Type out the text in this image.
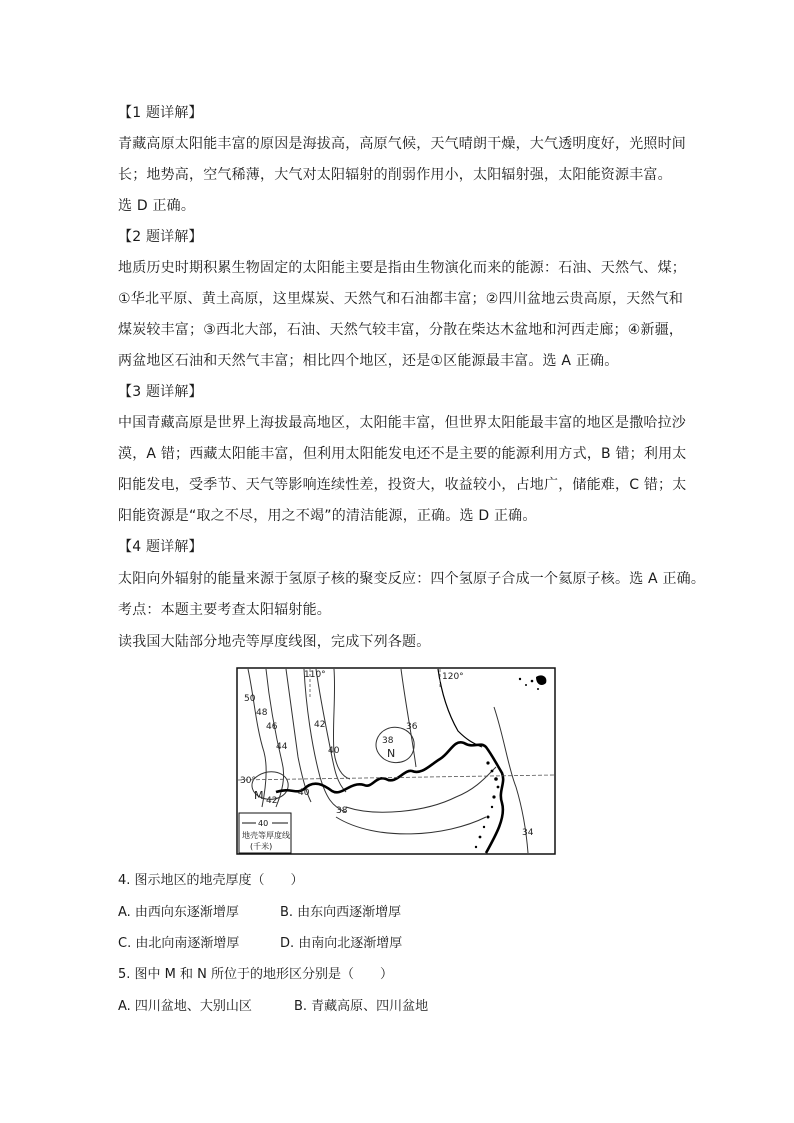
【1 题详解】
青藏高原太阳能丰富的原因是海拔高，高原气候，天气晴朗干燥，大气透明度好，光照时间
长；地势高，空气稀薄，大气对太阳辐射的削弱作用小，太阳辐射强，太阳能资源丰富。
选 D 正确。
【2 题详解】
地质历史时期积累生物固定的太阳能主要是指由生物演化而来的能源：石油、天然气、煤；
①华北平原、黄土高原，这里煤炭、天然气和石油都丰富；②四川盆地云贵高原，天然气和
煤炭较丰富；③西北大部，石油、天然气较丰富，分散在柴达木盆地和河西走廊；④新疆，
两盆地区石油和天然气丰富；相比四个地区，还是①区能源最丰富。选 A 正确。
【3 题详解】
中国青藏高原是世界上海拔最高地区，太阳能丰富，但世界太阳能最丰富的地区是撒哈拉沙
漠，A 错；西藏太阳能丰富，但利用太阳能发电还不是主要的能源利用方式，B 错；利用太
阳能发电，受季节、天气等影响连续性差，投资大，收益较小，占地广，储能难，C 错；太
阳能资源是“取之不尽，用之不竭”的清洁能源，正确。选 D 正确。
【4 题详解】
太阳向外辐射的能量来源于氢原子核的聚变反应：四个氢原子合成一个氦原子核。选 A 正确。
考点：本题主要考查太阳辐射能。
读我国大陆部分地壳等厚度线图，完成下列各题。
50
48
46
44
42
40
38
36
34
38
42
40
110°	120°
30°
N
M
40
地壳等厚度线
(千米)
4. 图示地区的地壳厚度（　　）
A. 由西向东逐渐增厚	B. 由东向西逐渐增厚
C. 由北向南逐渐增厚	D. 由南向北逐渐增厚
5. 图中 M 和 N 所位于的地形区分别是（　　）
A. 四川盆地、大别山区	B. 青藏高原、四川盆地
